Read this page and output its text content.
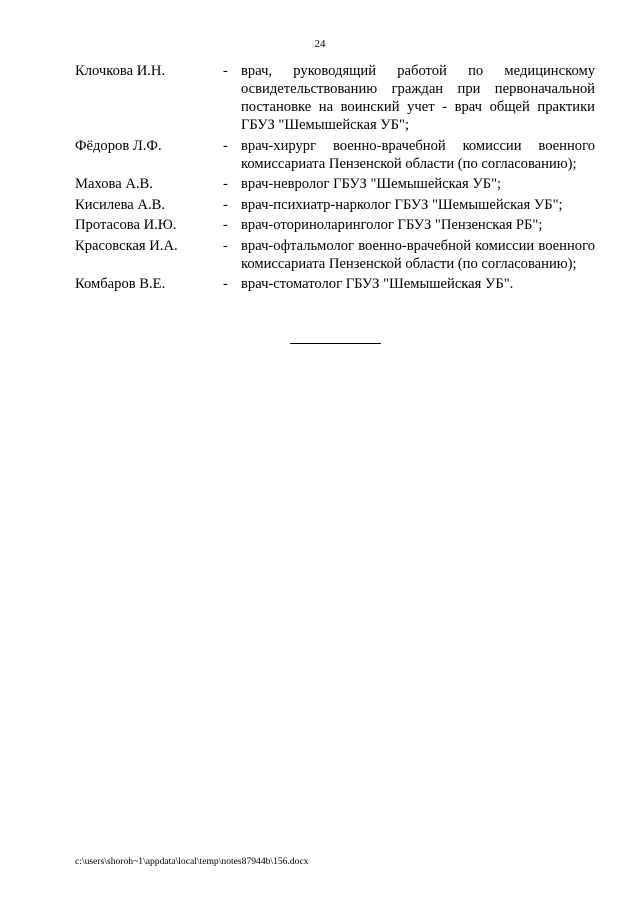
24
Клочкова И.Н.	- врач, руководящий работой по медицинскому освидетельствованию граждан при первоначальной постановке на воинский учет - врач общей практики ГБУЗ "Шемышейская УБ";
Фёдоров Л.Ф.	- врач-хирург военно-врачебной комиссии военного комиссариата Пензенской области (по согласованию);
Махова А.В.	- врач-невролог ГБУЗ "Шемышейская УБ";
Кисилева А.В.	- врач-психиатр-нарколог ГБУЗ "Шемышейская УБ";
Протасова И.Ю.	- врач-оториноларинголог ГБУЗ "Пензенская РБ";
Красовская И.А.	- врач-офтальмолог военно-врачебной комиссии военного комиссариата Пензенской области (по согласованию);
Комбаров В.Е.	- врач-стоматолог ГБУЗ "Шемышейская УБ".
c:\users\shoroh~1\appdata\local\temp\notes87944b\156.docx
